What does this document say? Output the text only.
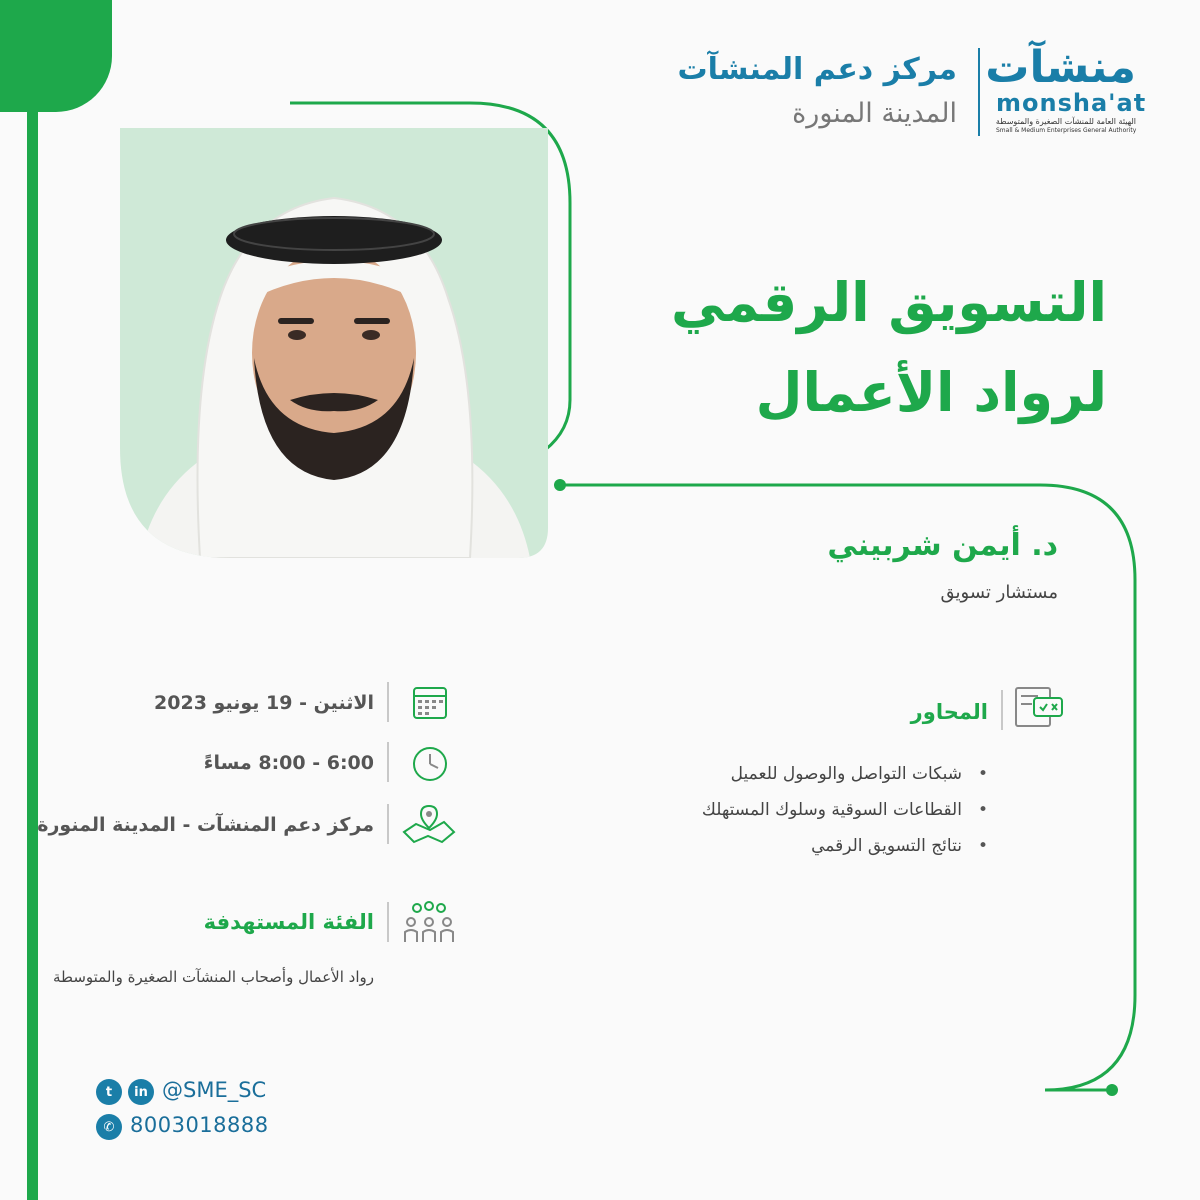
مركز دعم المنشآت
المدينة المنورة
منشآت
monsha'at
الهيئة العامة للمنشآت الصغيرة والمتوسطة
Small & Medium Enterprises General Authority
التسويق الرقمي لرواد الأعمال
د. أيمن شربيني
مستشار تسويق
الاثنين - 19 يونيو 2023
6:00 - 8:00 مساءً
مركز دعم المنشآت - المدينة المنورة
المحاور
• شبكات التواصل والوصول للعميل
• القطاعات السوقية وسلوك المستهلك
• نتائج التسويق الرقمي
الفئة المستهدفة
رواد الأعمال وأصحاب المنشآت الصغيرة والمتوسطة
t	in @SME_SC
✆ 8003018888
